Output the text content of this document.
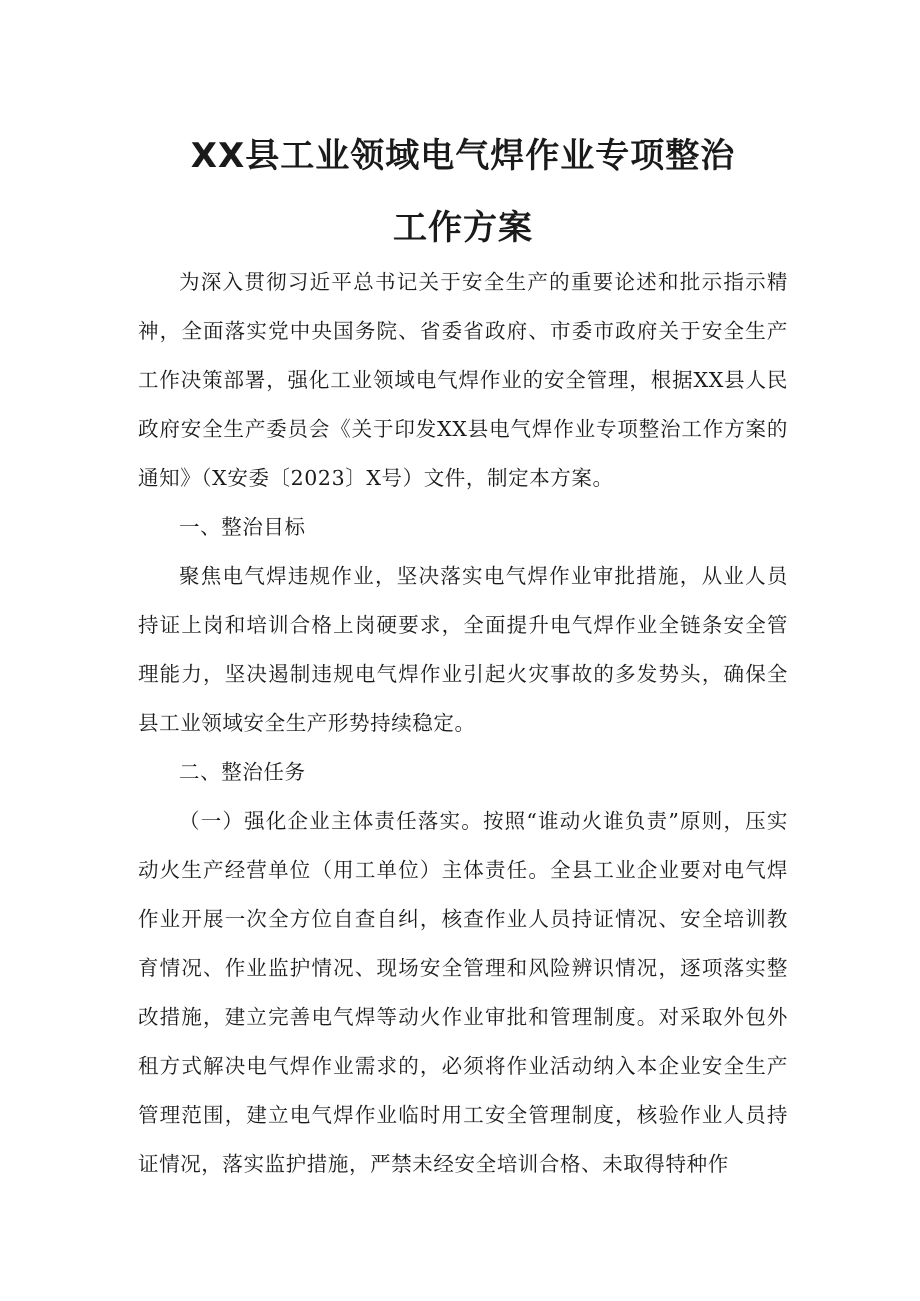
XX县工业领域电气焊作业专项整治
工作方案

为深入贯彻习近平总书记关于安全生产的重要论述和批示指示精神，全面落实党中央国务院、省委省政府、市委市政府关于安全生产工作决策部署，强化工业领域电气焊作业的安全管理，根据XX县人民政府安全生产委员会《关于印发XX县电气焊作业专项整治工作方案的通知》（X安委〔2023〕X号）文件，制定本方案。

一、整治目标

聚焦电气焊违规作业，坚决落实电气焊作业审批措施，从业人员持证上岗和培训合格上岗硬要求，全面提升电气焊作业全链条安全管理能力，坚决遏制违规电气焊作业引起火灾事故的多发势头，确保全县工业领域安全生产形势持续稳定。

二、整治任务

（一）强化企业主体责任落实。按照“谁动火谁负责”原则，压实动火生产经营单位（用工单位）主体责任。全县工业企业要对电气焊作业开展一次全方位自查自纠，核查作业人员持证情况、安全培训教育情况、作业监护情况、现场安全管理和风险辨识情况，逐项落实整改措施，建立完善电气焊等动火作业审批和管理制度。对采取外包外租方式解决电气焊作业需求的，必须将作业活动纳入本企业安全生产管理范围，建立电气焊作业临时用工安全管理制度，核验作业人员持证情况，落实监护措施，严禁未经安全培训合格、未取得特种作
